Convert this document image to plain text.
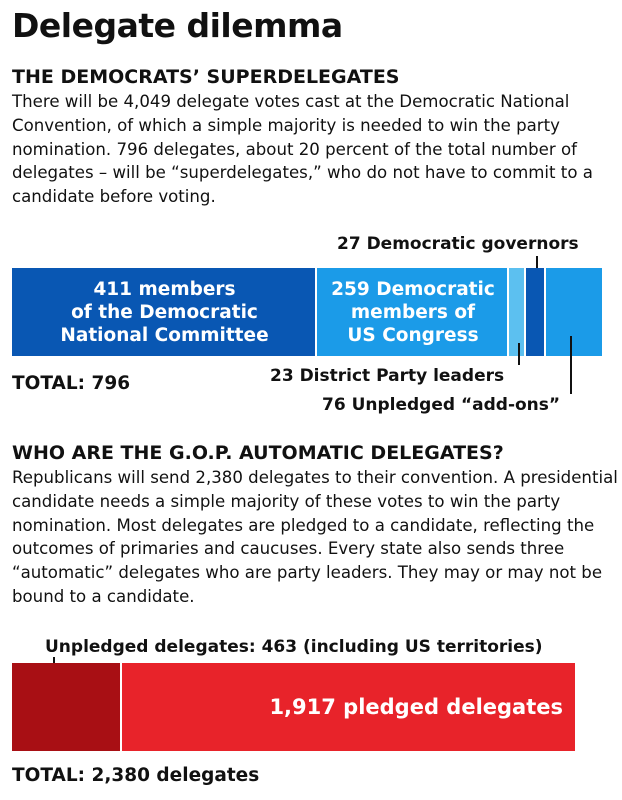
Delegate dilemma
THE DEMOCRATS’ SUPERDELEGATES
There will be 4,049 delegate votes cast at the Democratic National Convention, of which a simple majority is needed to win the party nomination. 796 delegates, about 20 percent of the total number of delegates – will be “superdelegates,” who do not have to commit to a candidate before voting.
27 Democratic governors
411 members
of the Democratic
National Committee
259 Democratic
members of
US Congress
TOTAL: 796	23 District Party leaders
76 Unpledged “add-ons”
WHO ARE THE G.O.P. AUTOMATIC DELEGATES?
Republicans will send 2,380 delegates to their convention. A presidential candidate needs a simple majority of these votes to win the party nomination. Most delegates are pledged to a candidate, reflecting the outcomes of primaries and caucuses. Every state also sends three “automatic” delegates who are party leaders. They may or may not be bound to a candidate.
Unpledged delegates: 463 (including US territories)
1,917 pledged delegates
TOTAL: 2,380 delegates
